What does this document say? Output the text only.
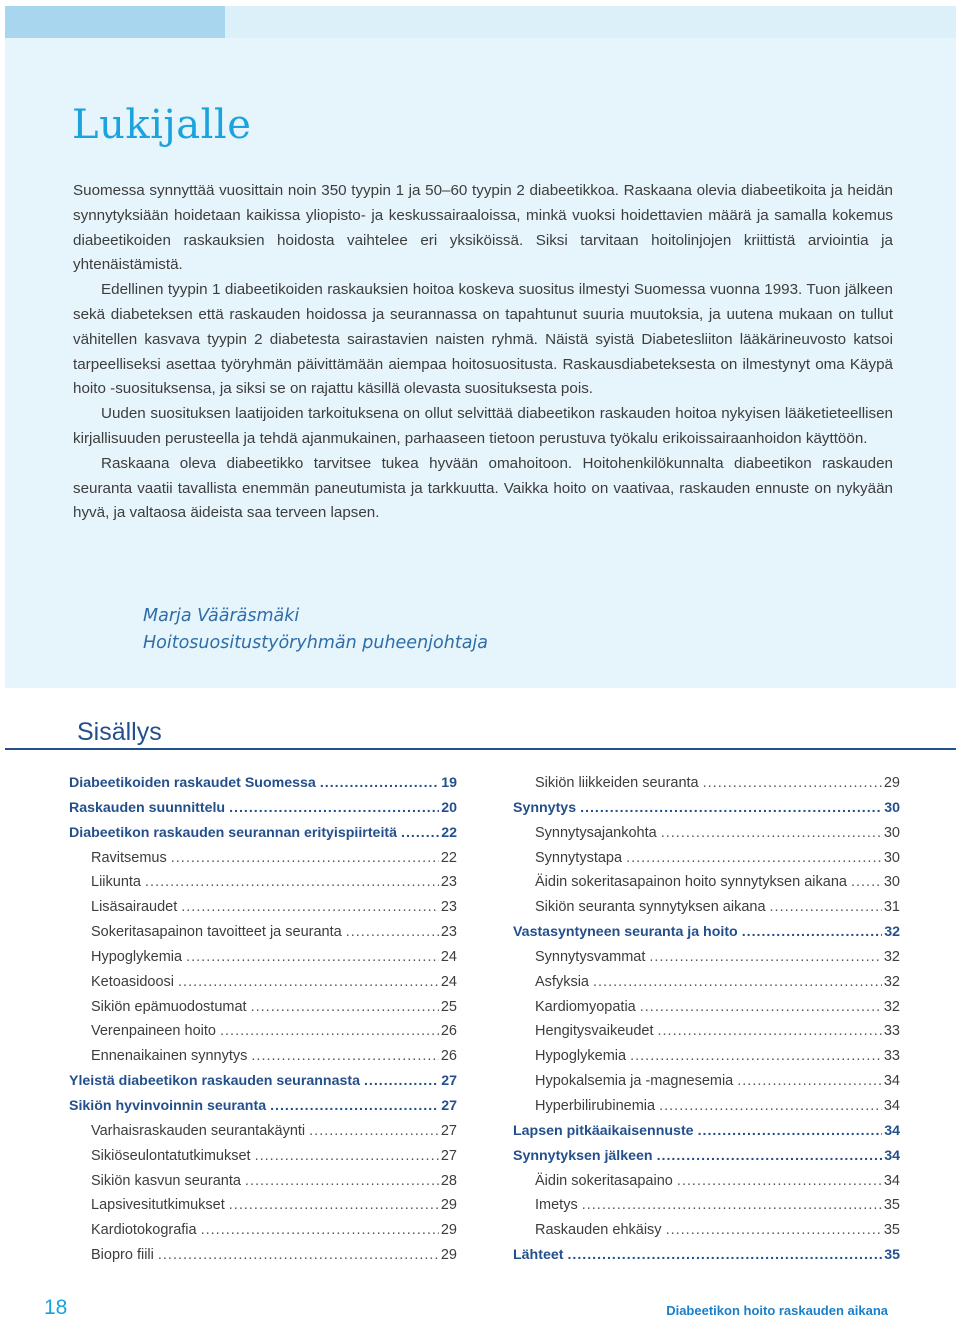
Lukijalle

Suomessa synnyttää vuosittain noin 350 tyypin 1 ja 50–60 tyypin 2 diabeetikkoa. Raskaana olevia diabeetikoita ja heidän synnytyksiään hoidetaan kaikissa yliopisto- ja keskussairaaloissa, minkä vuoksi hoidettavien määrä ja samalla kokemus diabeetikoiden raskauksien hoidosta vaihtelee eri yksiköissä. Siksi tarvitaan hoitolinjojen kriittistä arviointia ja yhtenäistämistä.

Edellinen tyypin 1 diabeetikoiden raskauksien hoitoa koskeva suositus ilmestyi Suomessa vuonna 1993. Tuon jälkeen sekä diabeteksen että raskauden hoidossa ja seurannassa on tapahtunut suuria muutoksia, ja uutena mukaan on tullut vähitellen kasvava tyypin 2 diabetesta sairastavien naisten ryhmä. Näistä syistä Diabetesliiton lääkärineuvosto katsoi tarpeelliseksi asettaa työryhmän päivittämään aiempaa hoitosuositusta. Raskausdiabeteksesta on ilmestynyt oma Käypä hoito -suosituksensa, ja siksi se on rajattu käsillä olevasta suosituksesta pois.

Uuden suosituksen laatijoiden tarkoituksena on ollut selvittää diabeetikon raskauden hoitoa nykyisen lääketieteellisen kirjallisuuden perusteella ja tehdä ajanmukainen, parhaaseen tietoon perustuva työkalu erikoissairaanhoidon käyttöön.

Raskaana oleva diabeetikko tarvitsee tukea hyvään omahoitoon. Hoitohenkilökunnalta diabeetikon raskauden seuranta vaatii tavallista enemmän paneutumista ja tarkkuutta. Vaikka hoito on vaativaa, raskauden ennuste on nykyään hyvä, ja valtaosa äideista saa terveen lapsen.

Marja Vääräsmäki
Hoitosuositustyöryhmän puheenjohtaja
Sisällys
Diabeetikoiden raskaudet Suomessa .....	19
Raskauden suunnittelu .....	20
Diabeetikon raskauden seurannan erityispiirteitä .....	22
Ravitsemus .....	22
Liikunta .....	23
Lisäsairaudet .....	23
Sokeritasapainon tavoitteet ja seuranta .....	23
Hypoglykemia .....	24
Ketoasidoosi .....	24
Sikiön epämuodostumat .....	25
Verenpaineen hoito .....	26
Ennenaikainen synnytys .....	26
Yleistä diabeetikon raskauden seurannasta .....	27
Sikiön hyvinvoinnin seuranta .....	27
Varhaisraskauden seurantakäynti .....	27
Sikiöseulontatutkimukset .....	27
Sikiön kasvun seuranta .....	28
Lapsivesitutkimukset .....	29
Kardiotokografia .....	29
Biopro fiili .....	29
Sikiön liikkeiden seuranta .....	29
Synnytys .....	30
Synnytysajankohta .....	30
Synnytystapa .....	30
Äidin sokeritasapainon hoito synnytyksen aikana .....	30
Sikiön seuranta synnytyksen aikana .....	31
Vastasyntyneen seuranta ja hoito .....	32
Synnytysvammat .....	32
Asfyksia .....	32
Kardiomyopatia .....	32
Hengitysvaikeudet .....	33
Hypoglykemia .....	33
Hypokalsemia ja -magnesemia .....	34
Hyperbilirubinemia .....	34
Lapsen pitkäaikaisennuste .....	34
Synnytyksen jälkeen .....	34
Äidin sokeritasapaino .....	34
Imetys .....	35
Raskauden ehkäisy .....	35
Lähteet .....	35
18	Diabeetikon hoito raskauden aikana
